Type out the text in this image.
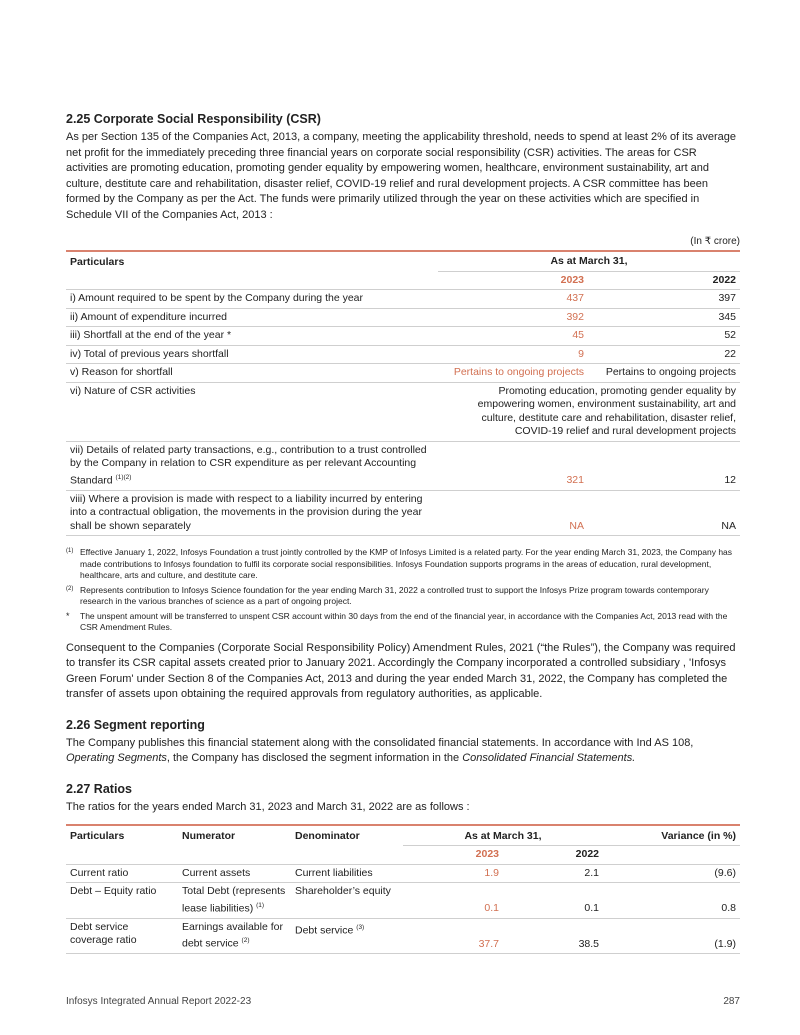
2.25 Corporate Social Responsibility (CSR)

As per Section 135 of the Companies Act, 2013, a company, meeting the applicability threshold, needs to spend at least 2% of its average net profit for the immediately preceding three financial years on corporate social responsibility (CSR) activities. The areas for CSR activities are promoting education, promoting gender equality by empowering women, healthcare, environment sustainability, art and culture, destitute care and rehabilitation, disaster relief, COVID-19 relief and rural development projects. A CSR committee has been formed by the Company as per the Act. The funds were primarily utilized through the year on these activities which are specified in Schedule VII of the Companies Act, 2013 :

(In ₹ crore)
Particulars	As at March 31,	
	2023	2022
i) Amount required to be spent by the Company during the year	437	397
ii) Amount of expenditure incurred	392	345
iii) Shortfall at the end of the year *	45	52
iv) Total of previous years shortfall	9	22
v) Reason for shortfall	Pertains to ongoing projects	Pertains to ongoing projects
vi) Nature of CSR activities	Promoting education, promoting gender equality by empowering women, environment sustainability, art and culture, destitute care and rehabilitation, disaster relief, COVID-19 relief and rural development projects	
vii) Details of related party transactions, e.g., contribution to a trust controlled by the Company in relation to CSR expenditure as per relevant Accounting Standard $^{(1)(2)}$	321	12
viii) Where a provision is made with respect to a liability incurred by entering into a contractual obligation, the movements in the provision during the year shall be shown separately	NA	NA
(1) Effective January 1, 2022, Infosys Foundation a trust jointly controlled by the KMP of Infosys Limited is a related party. For the year ending March 31, 2023, the Company has made contributions to Infosys foundation to fulfil its corporate social responsibilities. Infosys Foundation supports programs in the areas of education, rural development, healthcare, arts and culture, and destitute care.
(2) Represents contribution to Infosys Science foundation for the year ending March 31, 2022 a controlled trust to support the Infosys Prize program towards contemporary research in the various branches of science as a part of ongoing project.
*	The unspent amount will be transferred to unspent CSR account within 30 days from the end of the financial year, in accordance with the Companies Act, 2013 read with the CSR Amendment Rules.

Consequent to the Companies (Corporate Social Responsibility Policy) Amendment Rules, 2021 (“the Rules”), the Company was required to transfer its CSR capital assets created prior to January 2021. Accordingly the Company incorporated a controlled subsidiary , 'Infosys Green Forum' under Section 8 of the Companies Act, 2013 and during the year ended March 31, 2022, the Company has completed the transfer of assets upon obtaining the required approvals from regulatory authorities, as applicable.

2.26 Segment reporting

The Company publishes this financial statement along with the consolidated financial statements. In accordance with Ind AS 108, Operating Segments, the Company has disclosed the segment information in the Consolidated Financial Statements.

2.27 Ratios

The ratios for the years ended March 31, 2023 and March 31, 2022 are as follows :

Particulars	Numerator	Denominator	As at March 31,		Variance (in %)
			2023	2022	
Current ratio	Current assets	Current liabilities	1.9	2.1	(9.6)
Debt – Equity ratio	Total Debt (represents lease liabilities) $^{(1)}$	Shareholder’s equity	0.1	0.1	0.8
Debt service coverage ratio	Earnings available for debt service $^{(2)}$	Debt service $^{(3)}$	37.7	38.5	(1.9)
Infosys Integrated Annual Report 2022-23	287
